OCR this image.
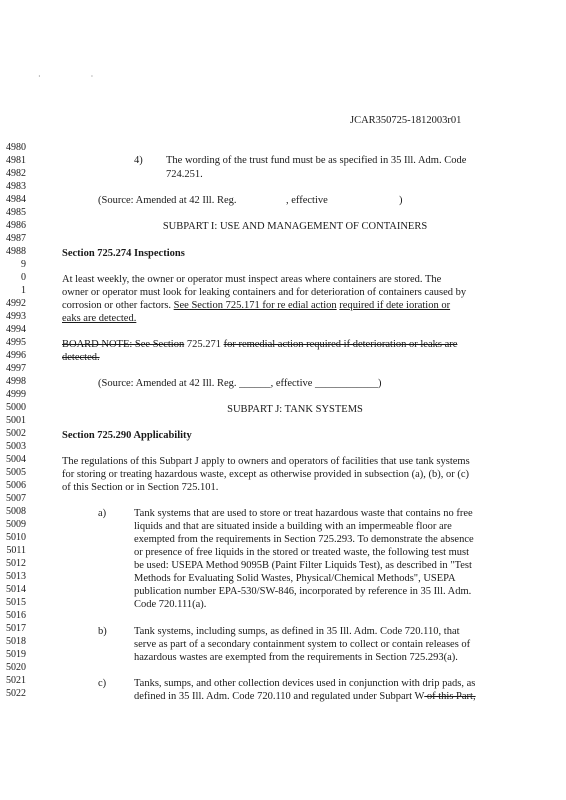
· ·
JCAR350725-1812003r01
4980
4981
4982
4983
4984
4985
4986
4987
4988
9
0
1
4992
4993
4994
4995
4996
4997
4998
4999
5000
5001
5002
5003
5004
5005
5006
5007
5008
5009
5010
5011
5012
5013
5014
5015
5016
5017
5018
5019
5020
5021
5022
4) The wording of the trust fund must be as specified in 35 Ill. Adm. Code
724.251.
(Source: Amended at 42 Ill. Reg.	, effective	)
SUBPART I: USE AND MANAGEMENT OF CONTAINERS
Section 725.274 Inspections
At least weekly, the owner or operator must inspect areas where containers are stored. The
owner or operator must look for leaking containers and for deterioration of containers caused by
corrosion or other factors. See Section 725.171 for re edial action required if dete ioration or
eaks are detected.
BOARD NOTE: See Section 725.271 for remedial action required if deterioration or leaks are
detected.
(Source: Amended at 42 Ill. Reg. ______, effective ____________)
SUBPART J: TANK SYSTEMS
Section 725.290 Applicability
The regulations of this Subpart J apply to owners and operators of facilities that use tank systems
for storing or treating hazardous waste, except as otherwise provided in subsection (a), (b), or (c)
of this Section or in Section 725.101.
a)	Tank systems that are used to store or treat hazardous waste that contains no free
liquids and that are situated inside a building with an impermeable floor are
exempted from the requirements in Section 725.293. To demonstrate the absence
or presence of free liquids in the stored or treated waste, the following test must
be used: USEPA Method 9095B (Paint Filter Liquids Test), as described in "Test
Methods for Evaluating Solid Wastes, Physical/Chemical Methods", USEPA
publication number EPA-530/SW-846, incorporated by reference in 35 Ill. Adm.
Code 720.111(a).
b)	Tank systems, including sumps, as defined in 35 Ill. Adm. Code 720.110, that
serve as part of a secondary containment system to collect or contain releases of
hazardous wastes are exempted from the requirements in Section 725.293(a).
c)	Tanks, sumps, and other collection devices used in conjunction with drip pads, as
defined in 35 Ill. Adm. Code 720.110 and regulated under Subpart W of this Part,
